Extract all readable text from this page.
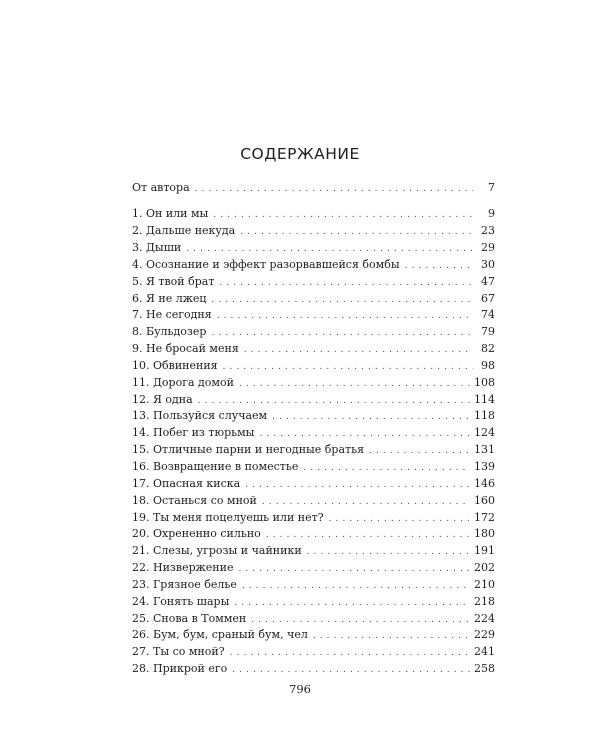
СОДЕРЖАНИЕ
От автора . . .	7
1. Он или мы . . .	9
2. Дальше некуда . . .	23
3. Дыши . . .	29
4. Осознание и эффект разорвавшейся бомбы . . .	30
5. Я твой брат . . .	47
6. Я не лжец . . .	67
7. Не сегодня . . .	74
8. Бульдозер . . .	79
9. Не бросай меня . . .	82
10. Обвинения . . .	98
11. Дорога домой . . .	108
12. Я одна . . .	114
13. Пользуйся случаем . . .	118
14. Побег из тюрьмы . . .	124
15. Отличные парни и негодные братья . . .	131
16. Возвращение в поместье . . .	139
17. Опасная киска . . .	146
18. Останься со мной . . .	160
19. Ты меня поцелуешь или нет? . . .	172
20. Охрененно сильно . . .	180
21. Слезы, угрозы и чайники . . .	191
22. Низвержение . . .	202
23. Грязное белье . . .	210
24. Гонять шары . . .	218
25. Снова в Томмен . . .	224
26. Бум, бум, сраный бум, чел . . .	229
27. Ты со мной? . . .	241
28. Прикрой его . . .	258
796
